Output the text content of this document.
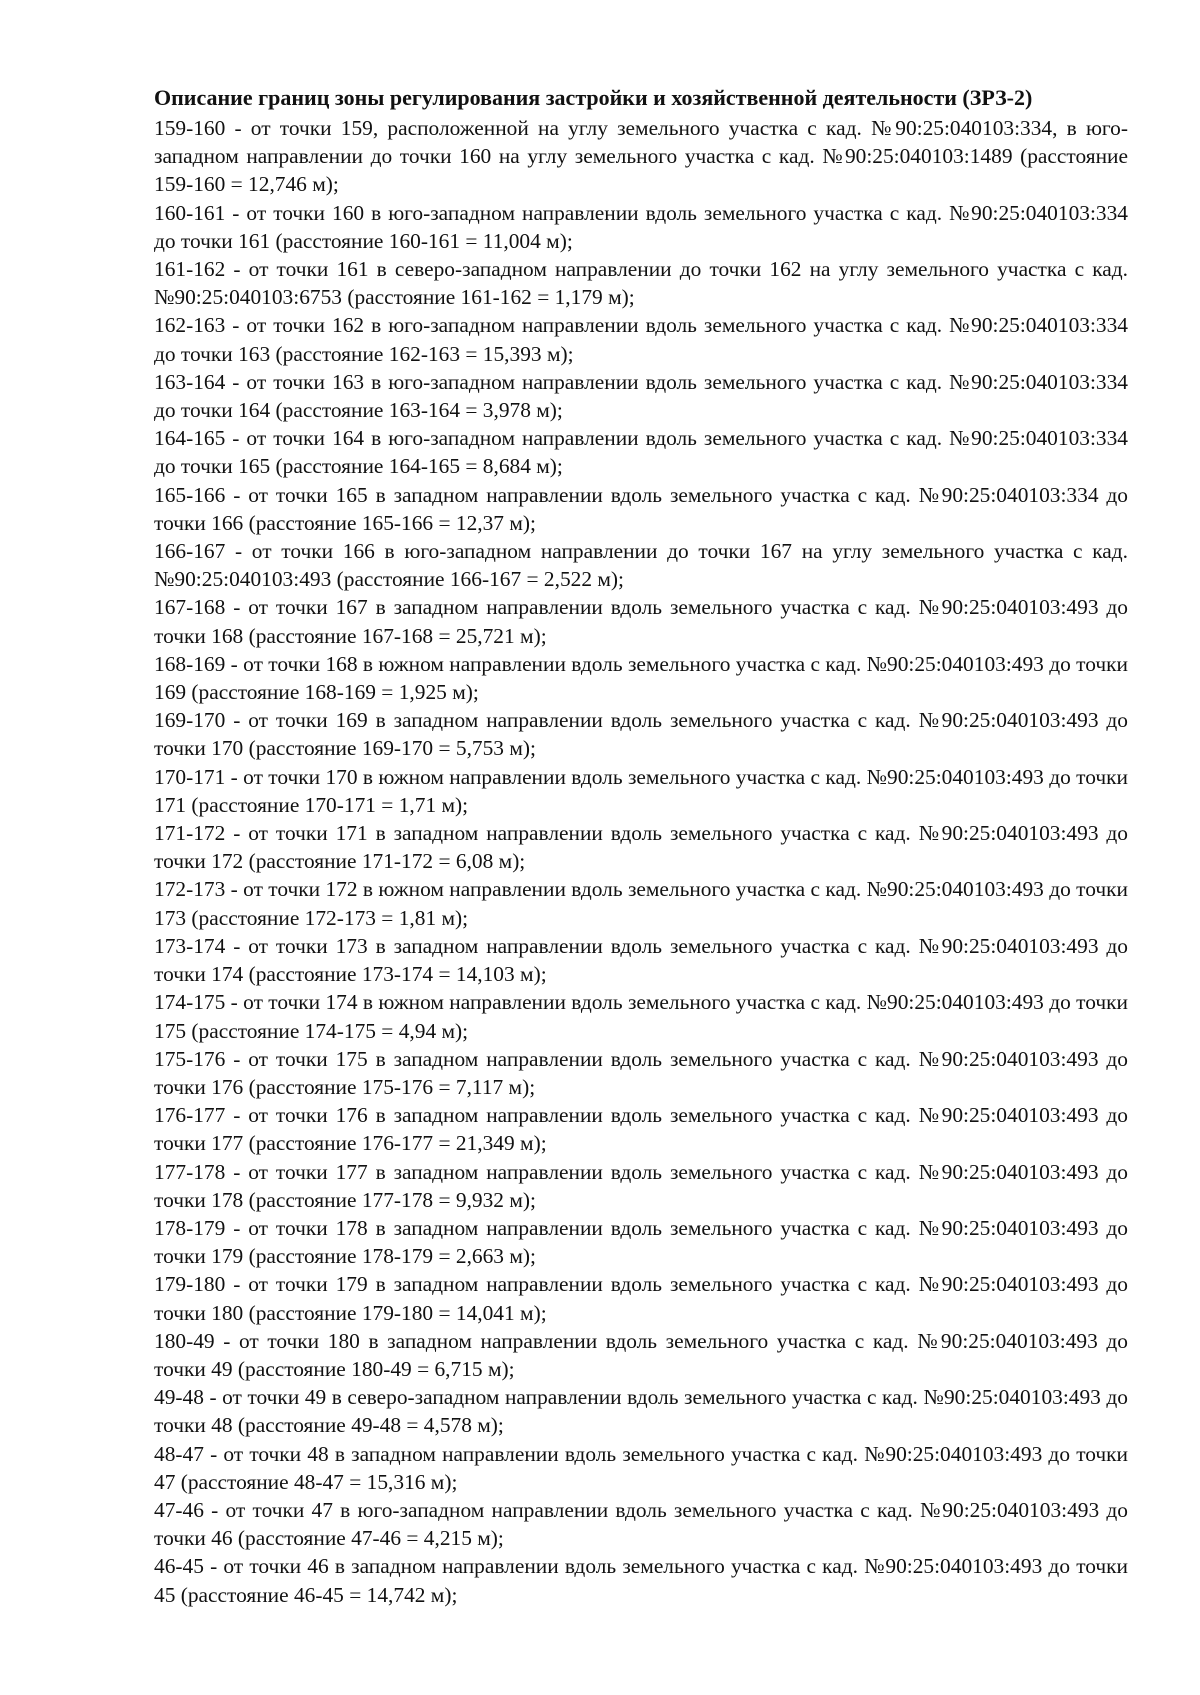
Описание границ зоны регулирования застройки и хозяйственной деятельности (ЗРЗ-2)

159-160 - от точки 159, расположенной на углу земельного участка с кад. №90:25:040103:334, в юго-западном направлении до точки 160 на углу земельного участка с кад. №90:25:040103:1489 (расстояние 159-160 = 12,746 м);

160-161 - от точки 160 в юго-западном направлении вдоль земельного участка с кад. №90:25:040103:334 до точки 161 (расстояние 160-161 = 11,004 м);

161-162 - от точки 161 в северо-западном направлении до точки 162 на углу земельного участка с кад. №90:25:040103:6753 (расстояние 161-162 = 1,179 м);

162-163 - от точки 162 в юго-западном направлении вдоль земельного участка с кад. №90:25:040103:334 до точки 163 (расстояние 162-163 = 15,393 м);

163-164 - от точки 163 в юго-западном направлении вдоль земельного участка с кад. №90:25:040103:334 до точки 164 (расстояние 163-164 = 3,978 м);

164-165 - от точки 164 в юго-западном направлении вдоль земельного участка с кад. №90:25:040103:334 до точки 165 (расстояние 164-165 = 8,684 м);

165-166 - от точки 165 в западном направлении вдоль земельного участка с кад. №90:25:040103:334 до точки 166 (расстояние 165-166 = 12,37 м);

166-167 - от точки 166 в юго-западном направлении до точки 167 на углу земельного участка с кад. №90:25:040103:493 (расстояние 166-167 = 2,522 м);

167-168 - от точки 167 в западном направлении вдоль земельного участка с кад. №90:25:040103:493 до точки 168 (расстояние 167-168 = 25,721 м);

168-169 - от точки 168 в южном направлении вдоль земельного участка с кад. №90:25:040103:493 до точки 169 (расстояние 168-169 = 1,925 м);

169-170 - от точки 169 в западном направлении вдоль земельного участка с кад. №90:25:040103:493 до точки 170 (расстояние 169-170 = 5,753 м);

170-171 - от точки 170 в южном направлении вдоль земельного участка с кад. №90:25:040103:493 до точки 171 (расстояние 170-171 = 1,71 м);

171-172 - от точки 171 в западном направлении вдоль земельного участка с кад. №90:25:040103:493 до точки 172 (расстояние 171-172 = 6,08 м);

172-173 - от точки 172 в южном направлении вдоль земельного участка с кад. №90:25:040103:493 до точки 173 (расстояние 172-173 = 1,81 м);

173-174 - от точки 173 в западном направлении вдоль земельного участка с кад. №90:25:040103:493 до точки 174 (расстояние 173-174 = 14,103 м);

174-175 - от точки 174 в южном направлении вдоль земельного участка с кад. №90:25:040103:493 до точки 175 (расстояние 174-175 = 4,94 м);

175-176 - от точки 175 в западном направлении вдоль земельного участка с кад. №90:25:040103:493 до точки 176 (расстояние 175-176 = 7,117 м);

176-177 - от точки 176 в западном направлении вдоль земельного участка с кад. №90:25:040103:493 до точки 177 (расстояние 176-177 = 21,349 м);

177-178 - от точки 177 в западном направлении вдоль земельного участка с кад. №90:25:040103:493 до точки 178 (расстояние 177-178 = 9,932 м);

178-179 - от точки 178 в западном направлении вдоль земельного участка с кад. №90:25:040103:493 до точки 179 (расстояние 178-179 = 2,663 м);

179-180 - от точки 179 в западном направлении вдоль земельного участка с кад. №90:25:040103:493 до точки 180 (расстояние 179-180 = 14,041 м);

180-49 - от точки 180 в западном направлении вдоль земельного участка с кад. №90:25:040103:493 до точки 49 (расстояние 180-49 = 6,715 м);

49-48 - от точки 49 в северо-западном направлении вдоль земельного участка с кад. №90:25:040103:493 до точки 48 (расстояние 49-48 = 4,578 м);

48-47 - от точки 48 в западном направлении вдоль земельного участка с кад. №90:25:040103:493 до точки 47 (расстояние 48-47 = 15,316 м);

47-46 - от точки 47 в юго-западном направлении вдоль земельного участка с кад. №90:25:040103:493 до точки 46 (расстояние 47-46 = 4,215 м);

46-45 - от точки 46 в западном направлении вдоль земельного участка с кад. №90:25:040103:493 до точки 45 (расстояние 46-45 = 14,742 м);
